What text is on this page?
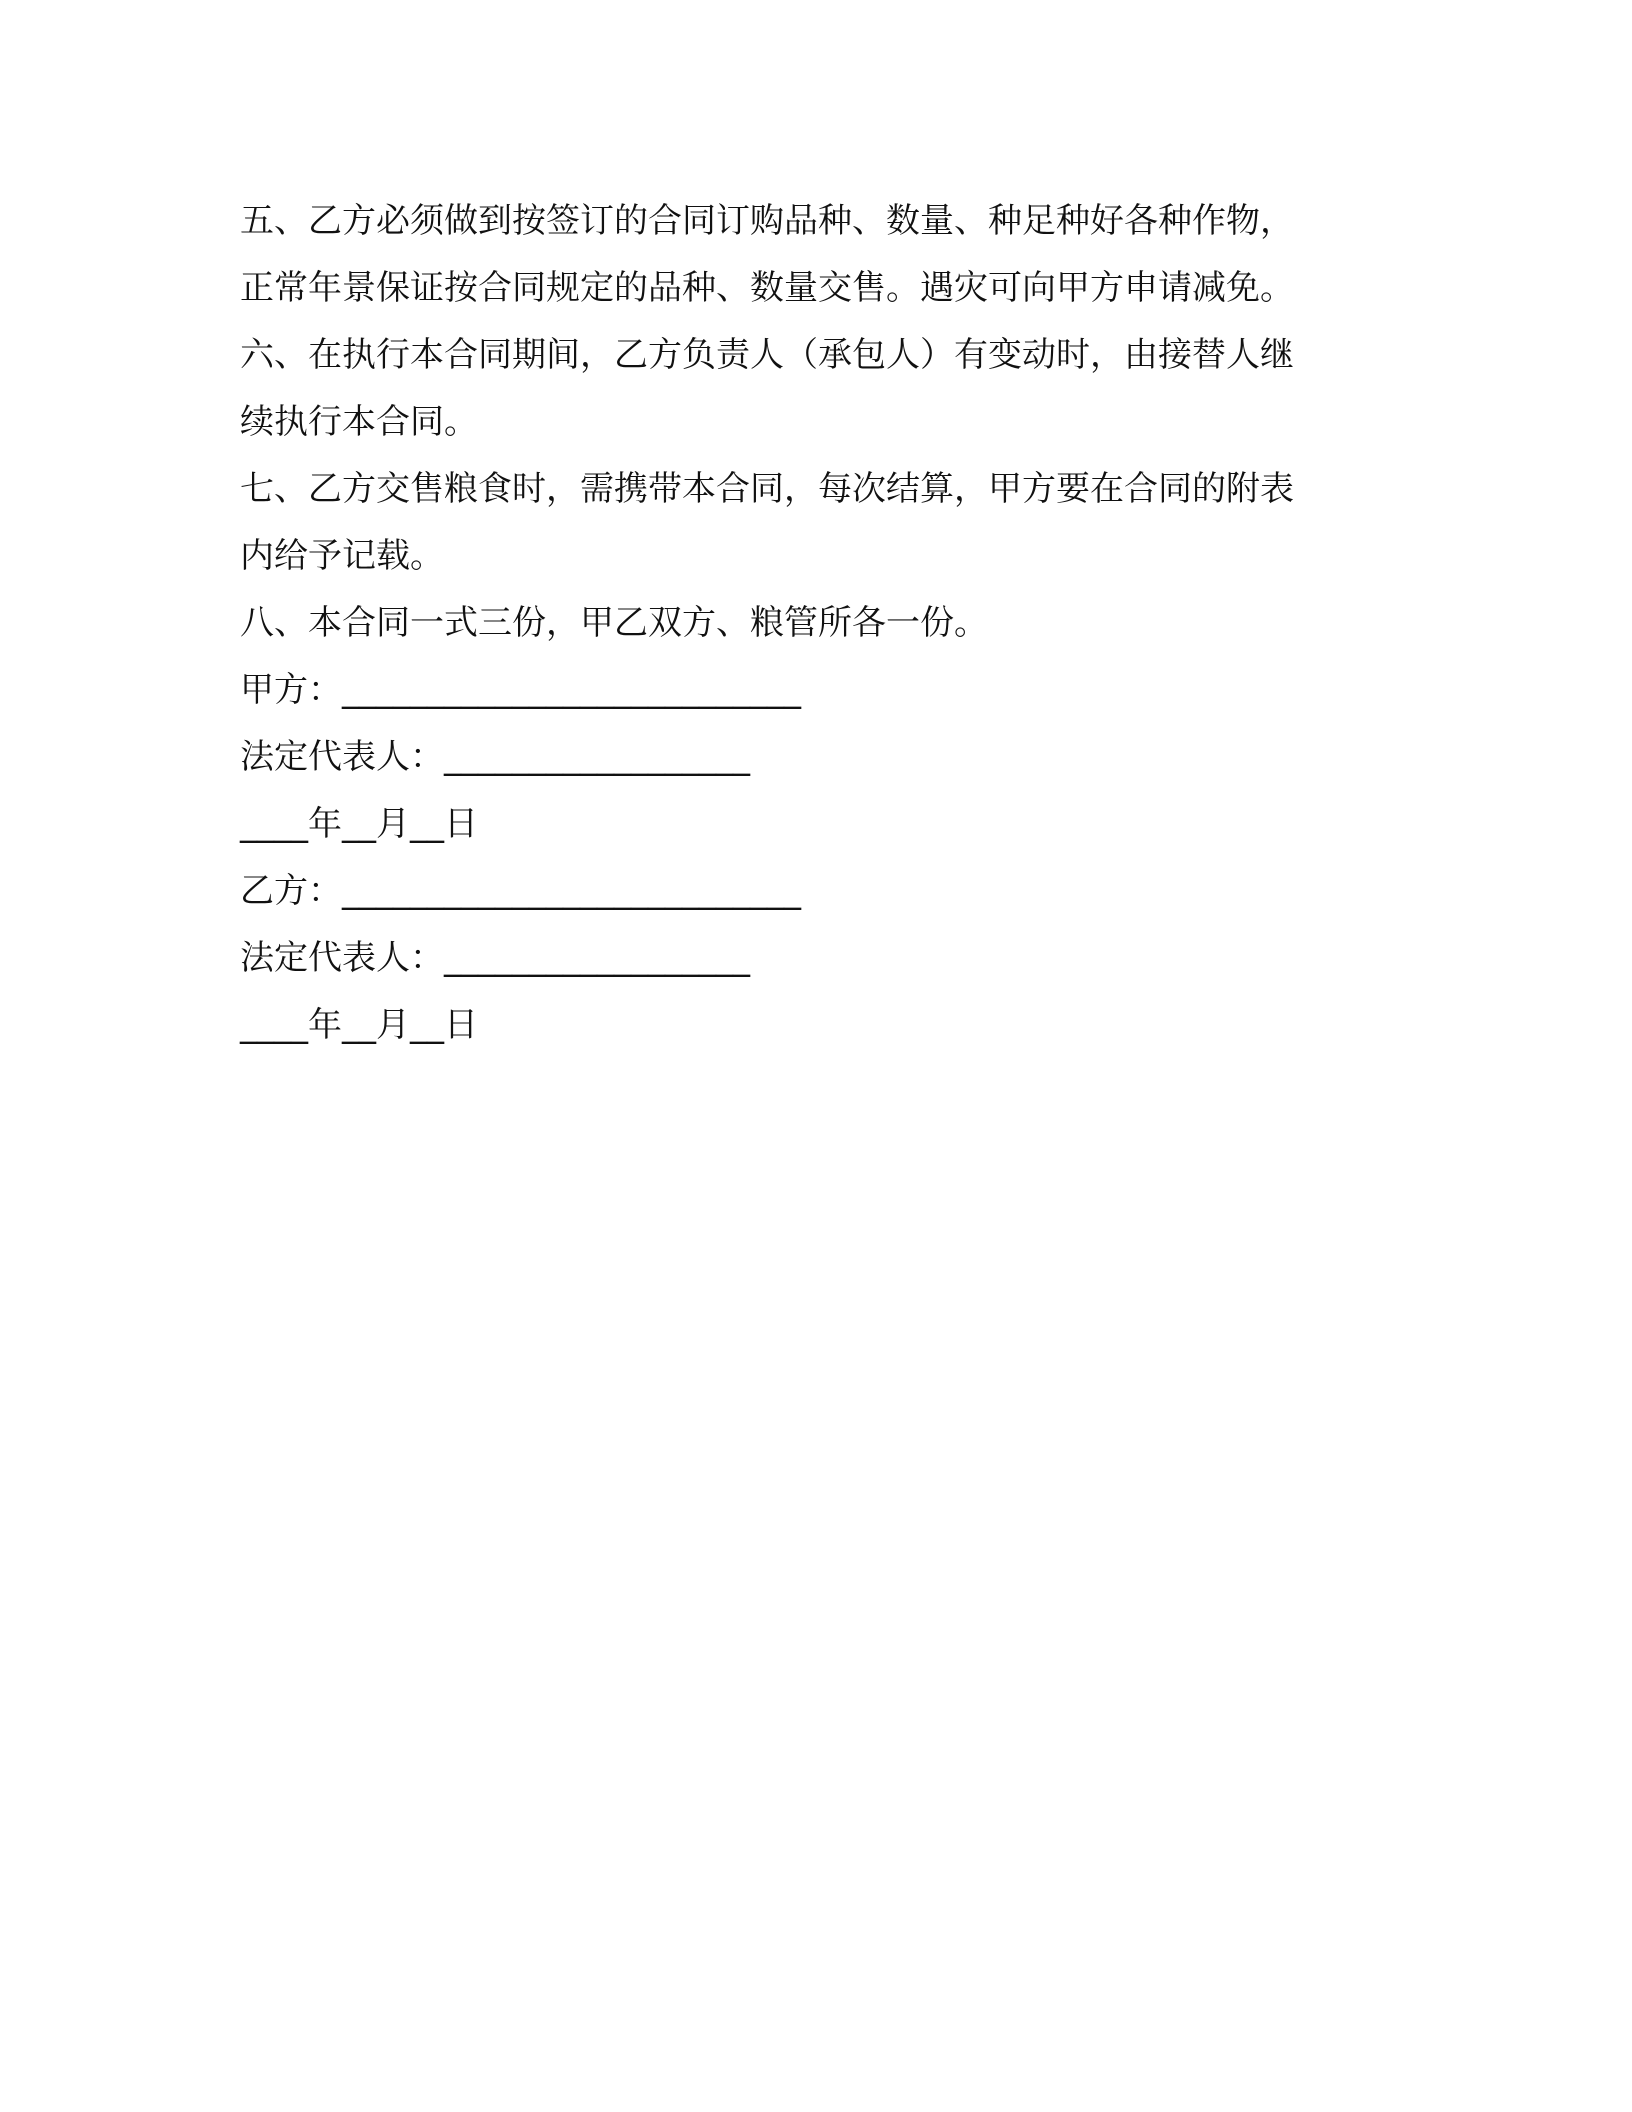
五、乙方必须做到按签订的合同订购品种、数量、种足种好各种作物，
正常年景保证按合同规定的品种、数量交售。遇灾可向甲方申请减免。
六、在执行本合同期间，乙方负责人（承包人）有变动时，由接替人继
续执行本合同。
七、乙方交售粮食时，需携带本合同，每次结算，甲方要在合同的附表
内给予记载。
八、本合同一式三份，甲乙双方、粮管所各一份。
甲方：___________________________
法定代表人：__________________
____年__月__日
乙方：___________________________
法定代表人：__________________
____年__月__日
